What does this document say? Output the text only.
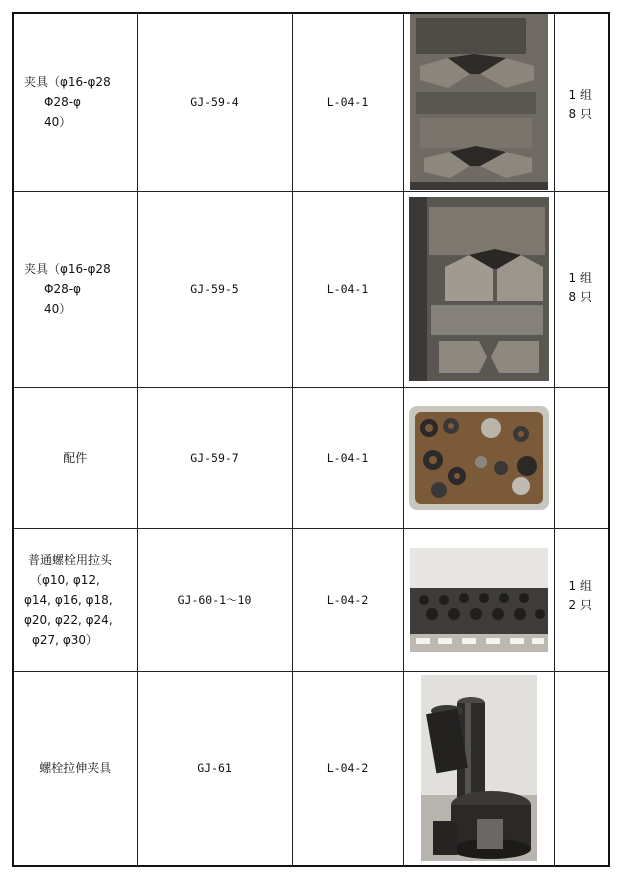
夹具（φ16-φ28
Φ28-φ
40）	GJ-59-4	L-04-1		1 组
8 只

夹具（φ16-φ28
Φ28-φ
40）	GJ-59-5	L-04-1		1 组
8 只

配件	GJ-59-7	L-04-1	

普通螺栓用拉头
（φ10, φ12,
φ14, φ16, φ18,
φ20, φ22, φ24,
φ27, φ30）	GJ-60-1～10	L-04-2		1 组
2 只

螺栓拉伸夹具	GJ-61	L-04-2	
